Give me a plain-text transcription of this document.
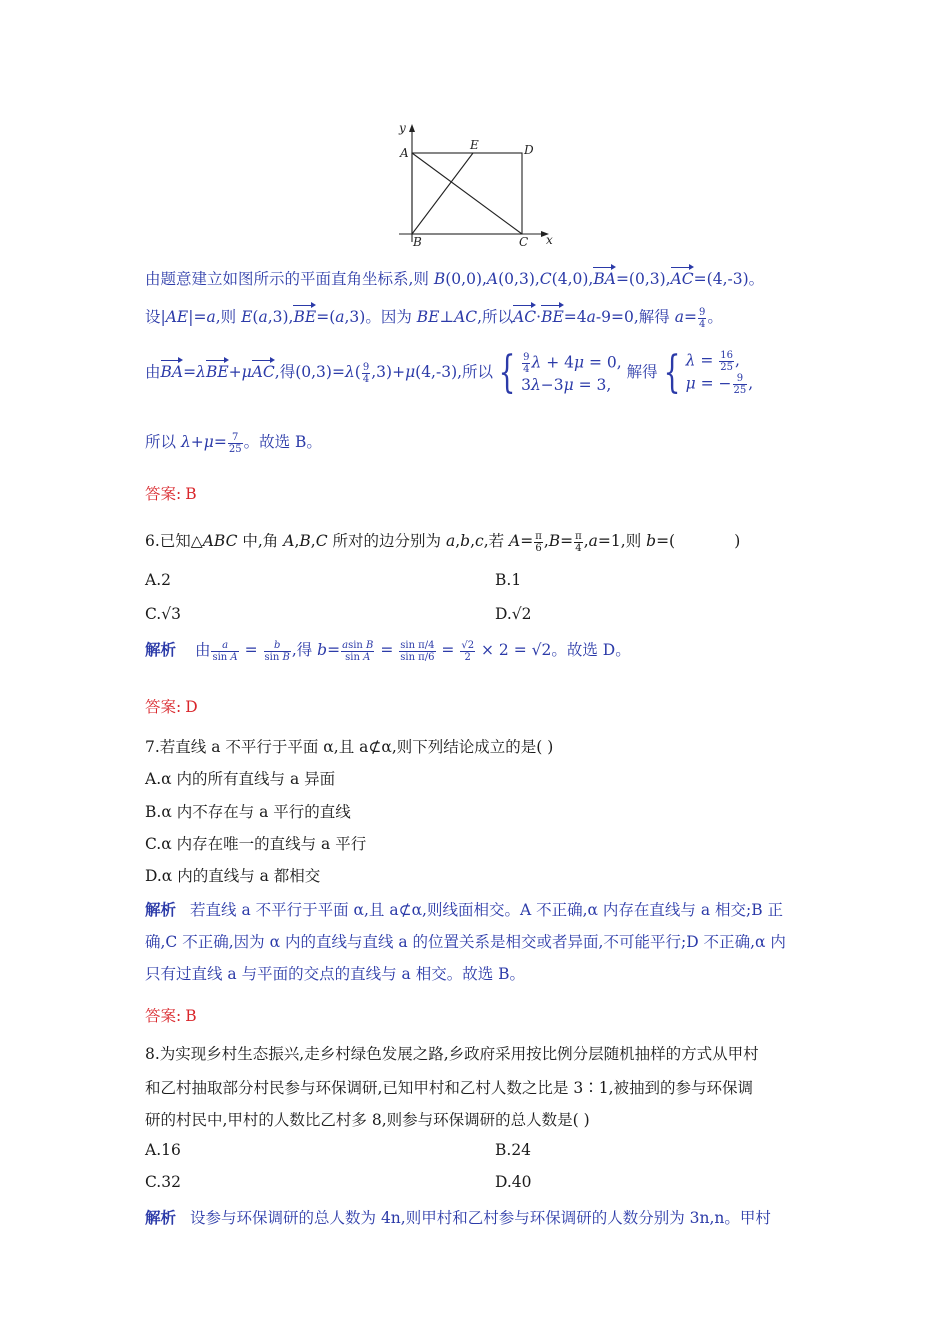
y
x
A
B	C
D
E
由题意建立如图所示的平面直角坐标系,则 B(0,0),A(0,3),C(4,0),BA=(0,3),AC=(4,-3)。
设|AE|=a,则 E(a,3),BE=(a,3)。因为 BE⊥AC,所以AC·BE=4a-9=0,解得 $a= \frac{9}{4}$ 。
由BA=λBE+μAC,得$(0,3)=\lambda( \frac{9}{4} ,3)+\mu(4,-3)$,所以 { $\frac{9}{4}$ λ + 4μ = 0,
3λ−3μ = 3, 解得 { $\lambda = \frac{16}{25}$ ,
μ = − $\frac{9}{25}$ ,
所以 $\lambda+\mu= \frac{7}{25}$ 。故选 B。
答案: B
6.已知△ABC 中,角 A,B,C 所对的边分别为 a,b,c,若 $A= \frac{\pi}{6} ,B= \frac{\pi}{4} ,a=1$,则 b=(            )
A.2	B.1
C.√3	D.√2
解析 由 $\frac{a}{\text{sin A}} = \frac{b}{\text{sin B}}$ ,得 $b= \frac{\text{asin B}}{\text{sin A}} = \frac{\text{sin π/4}}{\text{sin π/6}} = \frac{√2}{2} \times 2 = √2$。故选 D。
答案: D
7.若直线 a 不平行于平面 α,且 a⊄α,则下列结论成立的是( )
A.α 内的所有直线与 a 异面
B.α 内不存在与 a 平行的直线
C.α 内存在唯一的直线与 a 平行
D.α 内的直线与 a 都相交
解析 若直线 a 不平行于平面 α,且 a⊄α,则线面相交。A 不正确,α 内存在直线与 a 相交;B 正
确,C 不正确,因为 α 内的直线与直线 a 的位置关系是相交或者异面,不可能平行;D 不正确,α 内
只有过直线 a 与平面的交点的直线与 a 相交。故选 B。
答案: B
8.为实现乡村生态振兴,走乡村绿色发展之路,乡政府采用按比例分层随机抽样的方式从甲村
和乙村抽取部分村民参与环保调研,已知甲村和乙村人数之比是 3∶1,被抽到的参与环保调
研的村民中,甲村的人数比乙村多 8,则参与环保调研的总人数是( )
A.16	B.24
C.32	D.40
解析 设参与环保调研的总人数为 4n,则甲村和乙村参与环保调研的人数分别为 3n,n。甲村
